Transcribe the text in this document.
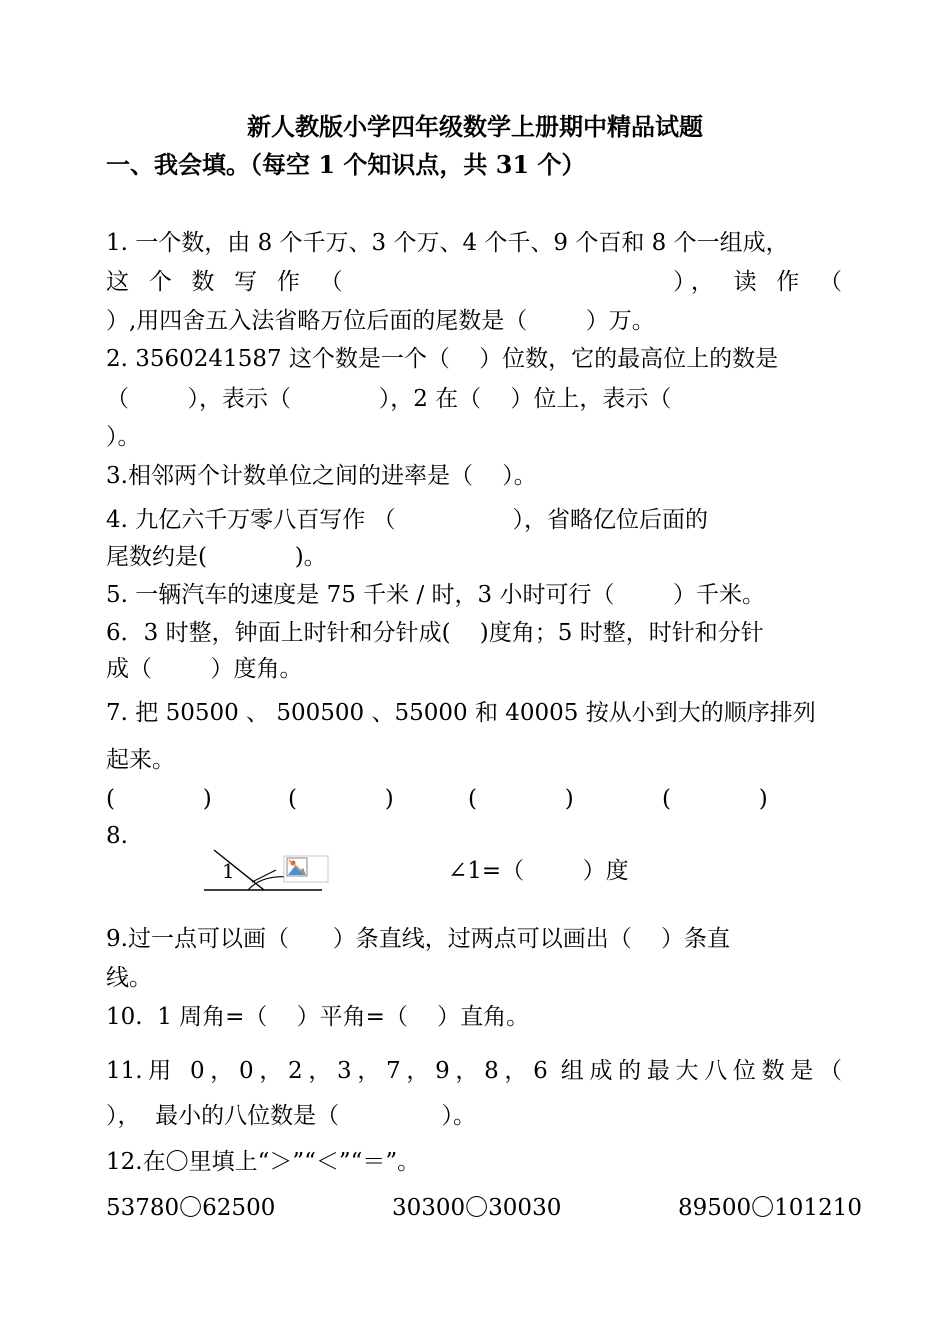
新人教版小学四年级数学上册期中精品试题
一、我会填。（每空 1 个知识点，共 31 个）
1. 一个数，由 8 个千万、3 个万、4 个千、9 个百和 8 个一组成，
这 个 数 写 作 （                        ）， 读 作 （
）,用四舍五入法省略万位后面的尾数是（        ）万。
2. 3560241587 这个数是一个（    ）位数，它的最高位上的数是
（        ），表示（            ），2 在（    ）位上，表示（
）。
3.相邻两个计数单位之间的进率是（    ）。
4. 九亿六千万零八百写作 （                ），省略亿位后面的
尾数约是(            )。
5. 一辆汽车的速度是 75 千米 / 时，3 小时可行（        ）千米。
6．3 时整，钟面上时针和分针成(    )度角；5 时整，时针和分针
成（        ）度角。
7. 把 50500 、 500500 、55000 和 40005 按从小到大的顺序排列
起来。
(            )	(            )	(            )	(            )
8.
1	∠1=（        ）度
9.过一点可以画（      ）条直线，过两点可以画出（    ）条直
线。
10.  1 周角=（    ）平角=（    ）直角。
11.用 0，0，2，3，7，9，8，6 组成的最大八位数是（
），  最小的八位数是（              ）。
12.在〇里填上“＞”“＜”“＝”。
53780〇62500	30300〇30030	89500〇101210
